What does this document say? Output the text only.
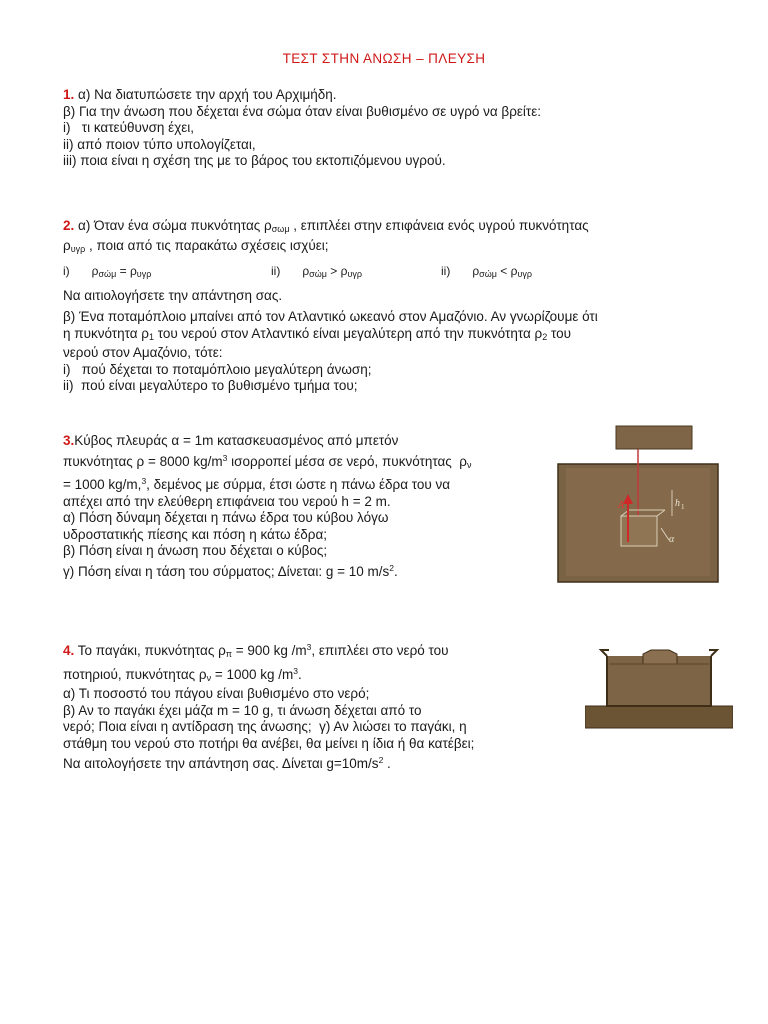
ΤΕΣΤ ΣΤΗΝ ΑΝΩΣΗ – ΠΛΕΥΣΗ
1. α) Να διατυπώσετε την αρχή του Αρχιμήδη.
β) Για την άνωση που δέχεται ένα σώμα όταν είναι βυθισμένο σε υγρό να βρείτε:
i)   τι κατεύθυνση έχει,
ii) από ποιον τύπο υπολογίζεται,
iii) ποια είναι η σχέση της με το βάρος του εκτοπιζόμενου υγρού.
2. α) Όταν ένα σώμα πυκνότητας $\rho_{\sigma\omega\mu}$ , επιπλέει στην επιφάνεια ενός υγρού πυκνότητας
$\rho_{\upsilon\gamma\rho}$ , ποια από τις παρακάτω σχέσεις ισχύει;
i) $\rho_{\sigma ώ\mu} = \rho_{\upsilon\gamma\rho}$	ii) $\rho_{\sigma ώ\mu} > \rho_{\upsilon\gamma\rho}$	ii) $\rho_{\sigma ώ\mu} < \rho_{\upsilon\gamma\rho}$
Να αιτιολογήσετε την απάντηση σας.
β) Ένα ποταμόπλοιο μπαίνει από τον Ατλαντικό ωκεανό στον Αμαζόνιο. Αν γνωρίζουμε ότι
η πυκνότητα $\rho_1$ του νερού στον Ατλαντικό είναι μεγαλύτερη από την πυκνότητα $\rho_2$ του
νερού στον Αμαζόνιο, τότε:
i)   πού δέχεται το ποταμόπλοιο μεγαλύτερη άνωση;
ii)  πού είναι μεγαλύτερο το βυθισμένο τμήμα του;
3.Κύβος πλευράς α = 1m κατασκευασμένος από μπετόν
πυκνότητας ρ = 8000 $kg/m^3$ ισορροπεί μέσα σε νερό, πυκνότητας  $\rho_\nu$
= 1000 kg/m,$^3$, δεμένος με σύρμα, έτσι ώστε η πάνω έδρα του να
απέχει από την ελεύθερη επιφάνεια του νερού h = 2 m.
α) Πόση δύναμη δέχεται η πάνω έδρα του κύβου λόγω
υδροστατικής πίεσης και πόση η κάτω έδρα;
β) Πόση είναι η άνωση που δέχεται ο κύβος;
γ) Πόση είναι η τάση του σύρματος; Δίνεται: g = 10 $m/s^2$.
A	h 1
α
4. Το παγάκι, πυκνότητας $\rho_\pi = 900$ kg $/m^3$, επιπλέει στο νερό του
ποτηριού, πυκνότητας $\rho_\nu = 1000$ kg $/m^3$.
α) Τι ποσοστό του πάγου είναι βυθισμένο στο νερό;
β) Αν το παγάκι έχει μάζα m = 10 g, τι άνωση δέχεται από το
νερό; Ποια είναι η αντίδραση της άνωσης;  γ) Αν λιώσει το παγάκι, η
στάθμη του νερού στο ποτήρι θα ανέβει, θα μείνει η ίδια ή θα κατέβει;
Να αιτολογήσετε την απάντηση σας. Δίνεται $g=10m/s^2$ .
